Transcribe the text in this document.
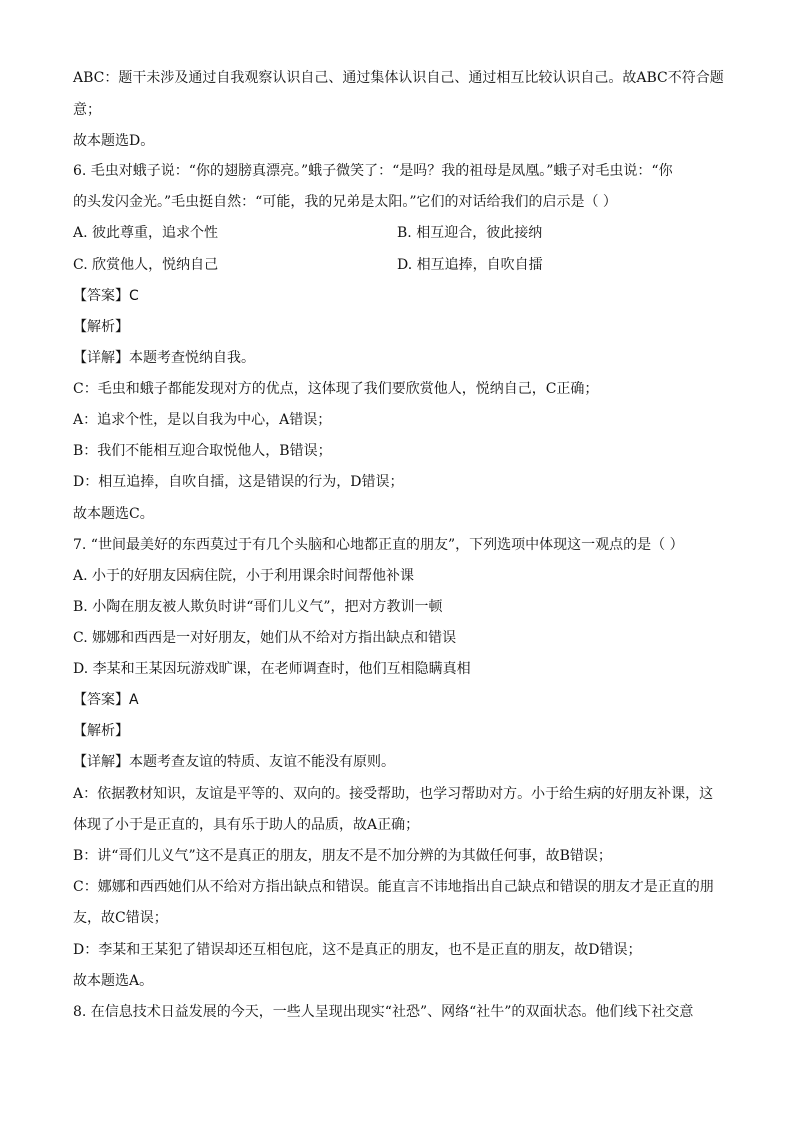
ABC：题干未涉及通过自我观察认识自己、通过集体认识自己、通过相互比较认识自己。故ABC不符合题
意；
故本题选D。
6. 毛虫对蛾子说：“你的翅膀真漂亮。”蛾子微笑了：“是吗？我的祖母是凤凰。”蛾子对毛虫说：“你
的头发闪金光。”毛虫挺自然：“可能，我的兄弟是太阳。”它们的对话给我们的启示是（ ）
A. 彼此尊重，追求个性	B. 相互迎合，彼此接纳
C. 欣赏他人，悦纳自己	D. 相互追捧，自吹自擂
【答案】C
【解析】
【详解】本题考查悦纳自我。
C：毛虫和蛾子都能发现对方的优点，这体现了我们要欣赏他人，悦纳自己，C正确；
A：追求个性，是以自我为中心，A错误；
B：我们不能相互迎合取悦他人，B错误；
D：相互追捧，自吹自擂，这是错误的行为，D错误；
故本题选C。
7. “世间最美好的东西莫过于有几个头脑和心地都正直的朋友”，下列选项中体现这一观点的是（ ）
A. 小于的好朋友因病住院，小于利用课余时间帮他补课
B. 小陶在朋友被人欺负时讲“哥们儿义气”，把对方教训一顿
C. 娜娜和西西是一对好朋友，她们从不给对方指出缺点和错误
D. 李某和王某因玩游戏旷课，在老师调查时，他们互相隐瞒真相
【答案】A
【解析】
【详解】本题考查友谊的特质、友谊不能没有原则。
A：依据教材知识，友谊是平等的、双向的。接受帮助，也学习帮助对方。小于给生病的好朋友补课，这
体现了小于是正直的，具有乐于助人的品质，故A正确；
B：讲“哥们儿义气”这不是真正的朋友，朋友不是不加分辨的为其做任何事，故B错误；
C：娜娜和西西她们从不给对方指出缺点和错误。能直言不讳地指出自己缺点和错误的朋友才是正直的朋
友，故C错误；
D：李某和王某犯了错误却还互相包庇，这不是真正的朋友，也不是正直的朋友，故D错误；
故本题选A。
8. 在信息技术日益发展的今天，一些人呈现出现实“社恐”、网络“社牛”的双面状态。他们线下社交意
